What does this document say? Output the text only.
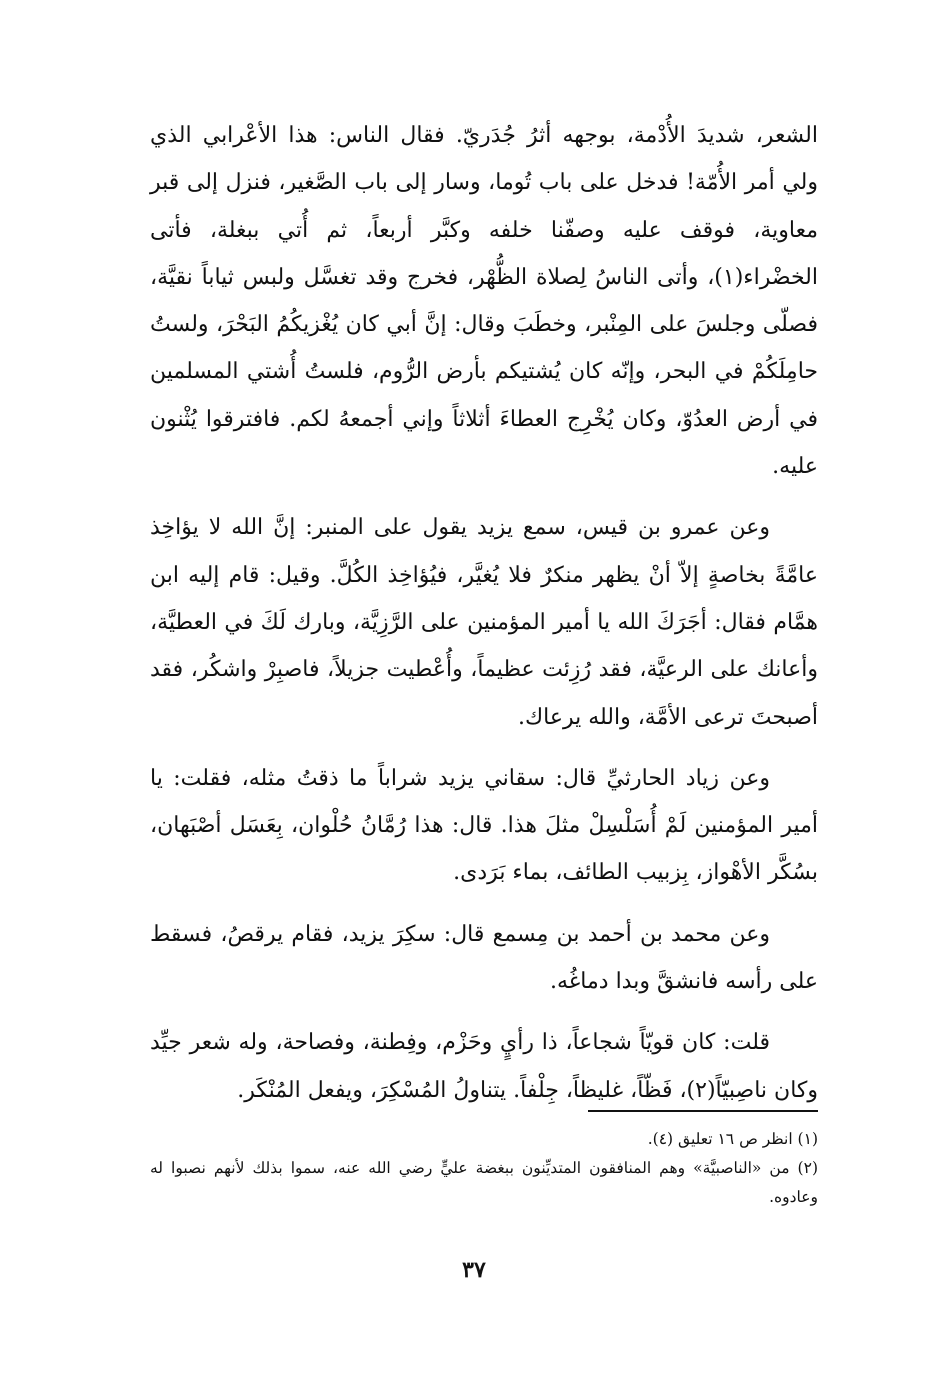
الشعر، شديدَ الأُدْمة، بوجهه أثرُ جُدَريّ. فقال الناس: هذا الأعْرابي الذي ولي أمر الأُمّة! فدخل على باب تُوما، وسار إلى باب الصَّغير، فنزل إلى قبر معاوية، فوقف عليه وصفّنا خلفه وكبَّر أربعاً، ثم أُتي ببغلة، فأتى الخضْراء(١)، وأتى الناسُ لِصلاة الظُّهْر، فخرج وقد تغسَّل ولبس ثياباً نقيَّة، فصلّى وجلسَ على المِنْبر، وخطَبَ وقال: إنَّ أبي كان يُغْزيكُمُ البَحْرَ، ولستُ حامِلَكُمْ في البحر، وإنّه كان يُشتيكم بأرض الرُّوم، فلستُ أُشتي المسلمين في أرض العدُوّ، وكان يُخْرِج العطاءَ أثلاثاً وإني أجمعهُ لكم. فافترقوا يُثْنون عليه.

وعن عمرو بن قيس، سمع يزيد يقول على المنبر: إنَّ الله لا يؤاخِذ عامَّةً بخاصةٍ إلاّ أنْ يظهر منكرٌ فلا يُغيَّر، فيُؤاخِذ الكُلَّ. وقيل: قام إليه ابن همَّام فقال: أجَرَكَ الله يا أمير المؤمنين على الرَّزِيَّة، وبارك لَكَ في العطيَّة، وأعانك على الرعيَّة، فقد رُزِئت عظيماً، وأُعْطيت جزيلاً، فاصبِرْ واشكُر، فقد أصبحتَ ترعى الأمَّة، والله يرعاك.

وعن زياد الحارثيِّ قال: سقاني يزيد شراباً ما ذقتُ مثله، فقلت: يا أمير المؤمنين لَمْ أُسَلْسِلْ مثلَ هذا. قال: هذا رُمَّانُ حُلْوان، بِعَسَل أصْبَهان، بسُكَّر الأهْواز، بِزبيب الطائف، بماء بَرَدى.

وعن محمد بن أحمد بن مِسمع قال: سكِرَ يزيد، فقام يرقصُ، فسقط على رأسه فانشقَّ وبدا دماغُه.

قلت: كان قويّاً شجاعاً، ذا رأيٍ وحَزْم، وفِطنة، وفصاحة، وله شعر جيِّد وكان ناصِبيّاً(٢)، فَظّاً، غليظاً، جِلْفاً. يتناولُ المُسْكِرَ، ويفعل المُنْكَر.

(١) انظر ص ١٦ تعليق (٤).

(٢) من «الناصبيَّة» وهم المنافقون المتديِّنون ببغضة عليٍّ رضي الله عنه، سموا بذلك لأنهم نصبوا له وعادوه.

٣٧
